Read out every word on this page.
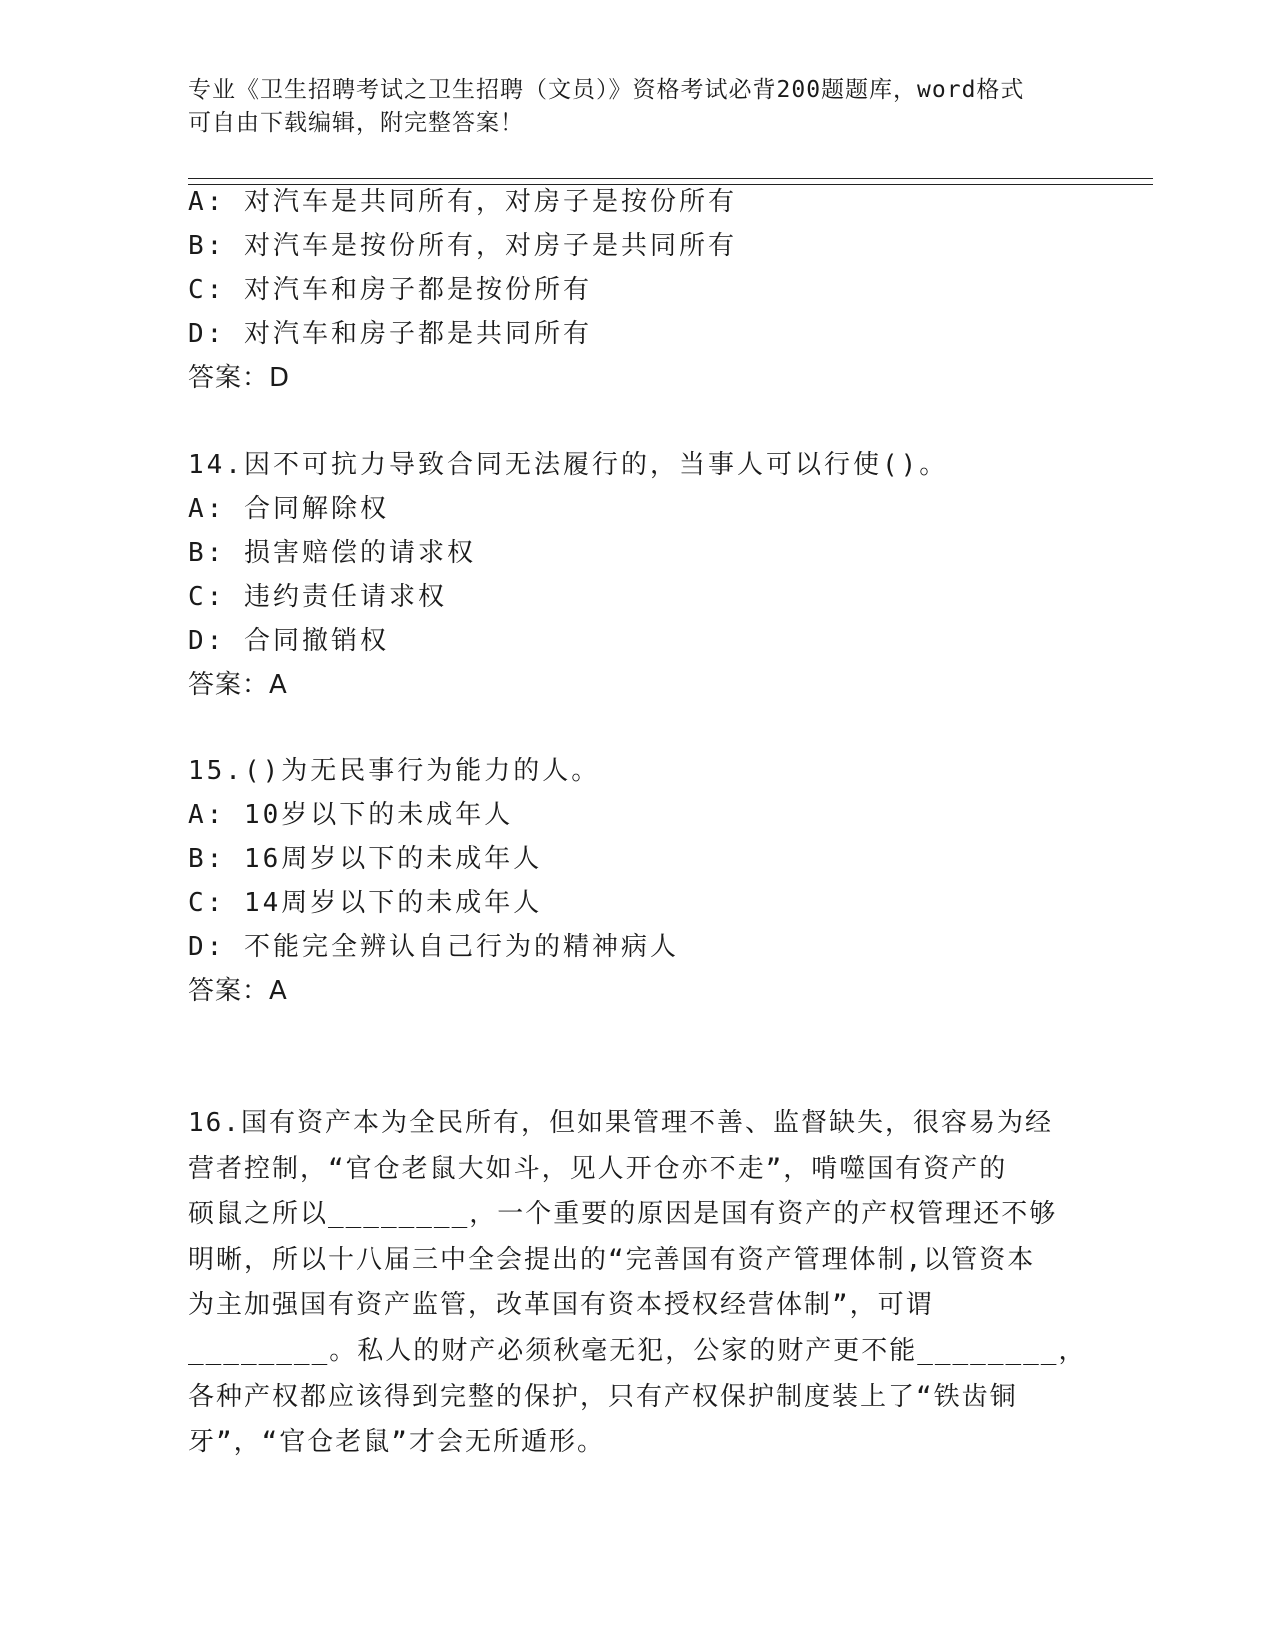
专业《卫生招聘考试之卫生招聘（文员）》资格考试必背200题题库，word格式
可自由下载编辑，附完整答案！
A: 对汽车是共同所有，对房子是按份所有
B: 对汽车是按份所有，对房子是共同所有
C: 对汽车和房子都是按份所有
D: 对汽车和房子都是共同所有
答案：D
14.因不可抗力导致合同无法履行的，当事人可以行使()。
A: 合同解除权
B: 损害赔偿的请求权
C: 违约责任请求权
D: 合同撤销权
答案：A
15.()为无民事行为能力的人。
A: 10岁以下的未成年人
B: 16周岁以下的未成年人
C: 14周岁以下的未成年人
D: 不能完全辨认自己行为的精神病人
答案：A
16.国有资产本为全民所有，但如果管理不善、监督缺失，很容易为经
营者控制，“官仓老鼠大如斗，见人开仓亦不走”，啃噬国有资产的
硕鼠之所以________，一个重要的原因是国有资产的产权管理还不够
明晰，所以十八届三中全会提出的“完善国有资产管理体制,以管资本
为主加强国有资产监管，改革国有资本授权经营体制”，可谓
________。私人的财产必须秋毫无犯，公家的财产更不能________，
各种产权都应该得到完整的保护，只有产权保护制度装上了“铁齿铜
牙”，“官仓老鼠”才会无所遁形。
